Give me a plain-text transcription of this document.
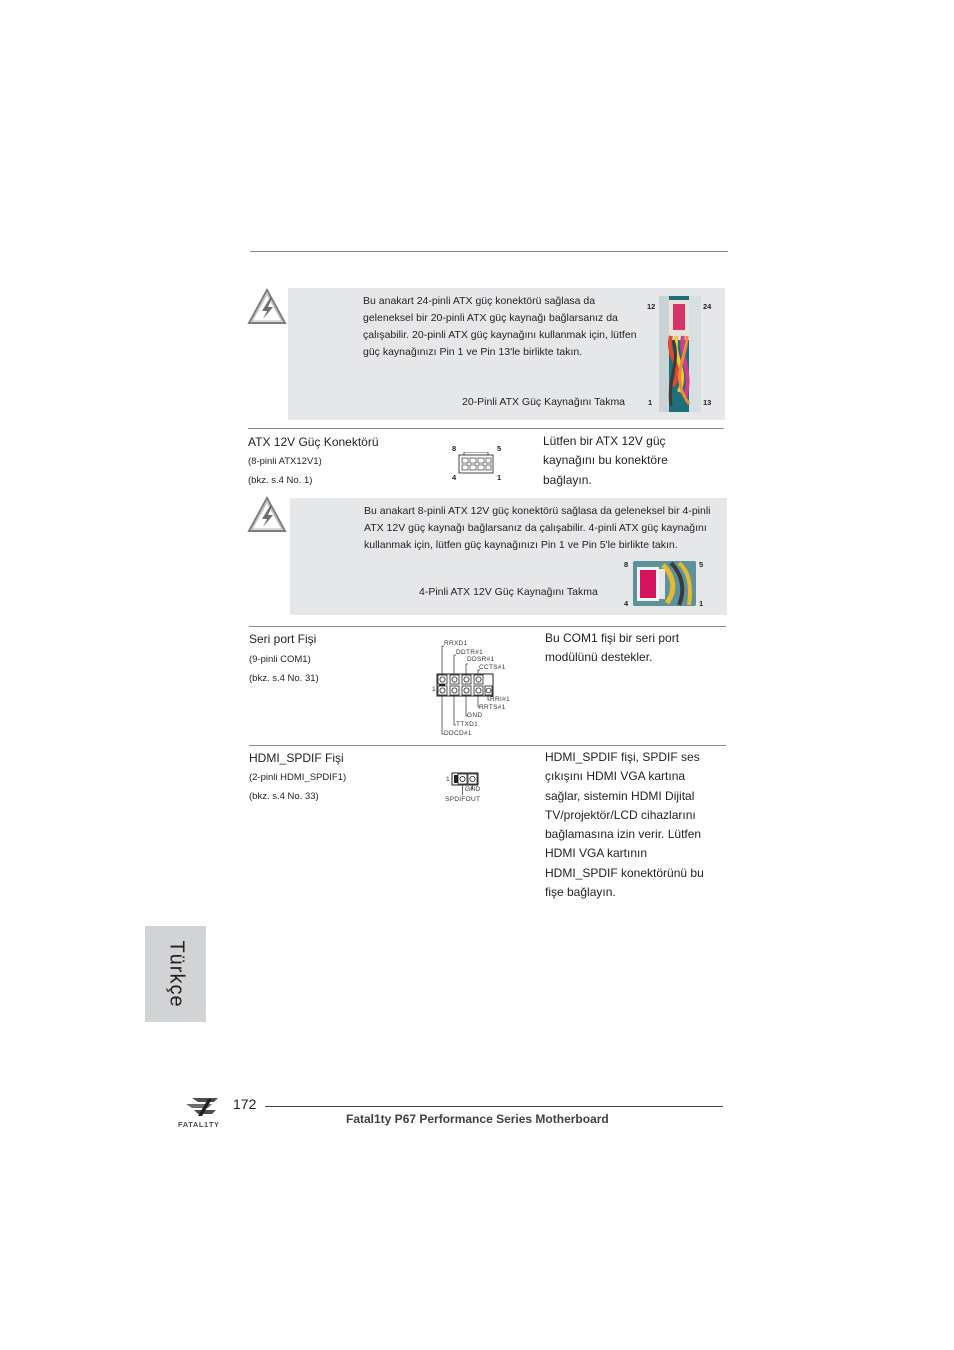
Bu anakart 24-pinli ATX güç konektörü sağlasa da geleneksel bir 20-pinli ATX güç kaynağı bağlarsanız da çalışabilir. 20-pinli ATX güç kaynağını kullanmak için, lütfen güç kaynağınızı Pin 1 ve Pin 13'le birlikte takın.
20-Pinli ATX Güç Kaynağını Takma
12	24
1	13
ATX 12V Güç Konektörü
(8-pinli ATX12V1)
(bkz. s.4 No. 1)
8	5
4	1
Lütfen bir ATX 12V güç kaynağını bu konektöre bağlayın.
Bu anakart 8-pinli ATX 12V güç konektörü sağlasa da geleneksel bir 4-pinli ATX 12V güç kaynağı bağlarsanız da çalışabilir. 4-pinli ATX güç kaynağını kullanmak için, lütfen güç kaynağınızı Pin 1 ve Pin 5'le birlikte takın.
4-Pinli ATX 12V Güç Kaynağını Takma
8	5
4	1
Seri port Fişi
(9-pinli COM1)
(bkz. s.4 No. 31)
RRXD1
DDTR#1
DDSR#1
CCTS#1
1
RRI#1
RRTS#1
GND
TTXD1
DDCD#1
Bu COM1 fişi bir seri port modülünü destekler.
HDMI_SPDIF Fişi
(2-pinli HDMI_SPDIF1)
(bkz. s.4 No. 33)
1
GND
SPDIFOUT
HDMI_SPDIF fişi, SPDIF ses çıkışını HDMI VGA kartına sağlar, sistemin HDMI Dijital TV/projektör/LCD cihazlarını bağlamasına izin verir. Lütfen HDMI VGA kartının HDMI_SPDIF konektörünü bu fişe bağlayın.
Türkçe
FATAL1TY
172
Fatal1ty P67 Performance Series Motherboard
